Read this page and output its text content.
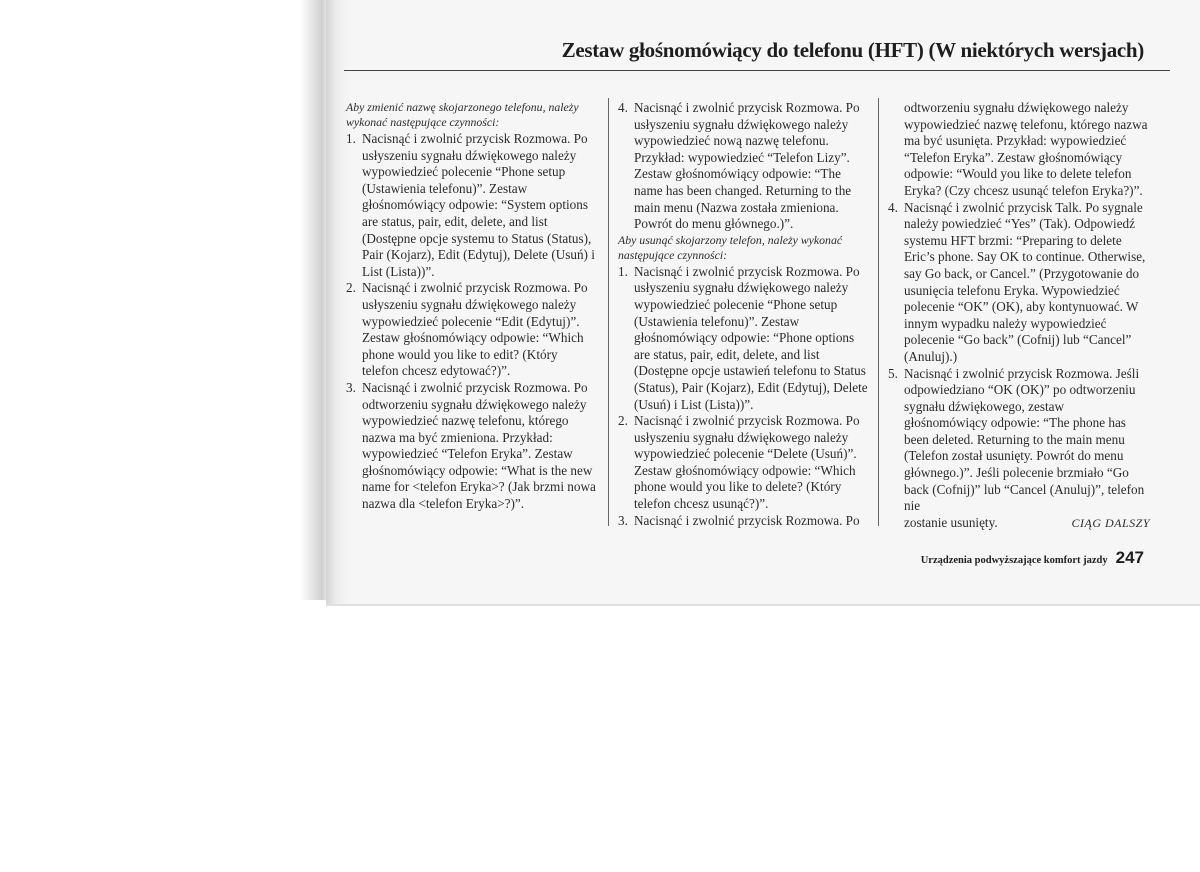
Zestaw głośnomówiący do telefonu (HFT) (W niektórych wersjach)

Aby zmienić nazwę skojarzonego telefonu, należy wykonać następujące czynności:

1. Nacisnąć i zwolnić przycisk Rozmowa. Po usłyszeniu sygnału dźwiękowego należy wypowiedzieć polecenie “Phone setup (Ustawienia telefonu)”. Zestaw głośnomówiący odpowie: “System options are status, pair, edit, delete, and list (Dostępne opcje systemu to Status (Status), Pair (Kojarz), Edit (Edytuj), Delete (Usuń) i List (Lista))”.
2. Nacisnąć i zwolnić przycisk Rozmowa. Po usłyszeniu sygnału dźwiękowego należy wypowiedzieć polecenie “Edit (Edytuj)”. Zestaw głośnomówiący odpowie: “Which phone would you like to edit? (Który telefon chcesz edytować?)”.
3. Nacisnąć i zwolnić przycisk Rozmowa. Po odtworzeniu sygnału dźwiękowego należy wypowiedzieć nazwę telefonu, którego nazwa ma być zmieniona. Przykład: wypowiedzieć “Telefon Eryka”. Zestaw głośnomówiący odpowie: “What is the new name for <telefon Eryka>? (Jak brzmi nowa nazwa dla <telefon Eryka>?)”.
4. Nacisnąć i zwolnić przycisk Rozmowa. Po usłyszeniu sygnału dźwiękowego należy wypowiedzieć nową nazwę telefonu. Przykład: wypowiedzieć “Telefon Lizy”. Zestaw głośnomówiący odpowie: “The name has been changed. Returning to the main menu (Nazwa została zmieniona. Powrót do menu głównego.)”.

Aby usunąć skojarzony telefon, należy wykonać następujące czynności:

1. Nacisnąć i zwolnić przycisk Rozmowa. Po usłyszeniu sygnału dźwiękowego należy wypowiedzieć polecenie “Phone setup (Ustawienia telefonu)”. Zestaw głośnomówiący odpowie: “Phone options are status, pair, edit, delete, and list (Dostępne opcje ustawień telefonu to Status (Status), Pair (Kojarz), Edit (Edytuj), Delete (Usuń) i List (Lista))”.
2. Nacisnąć i zwolnić przycisk Rozmowa. Po usłyszeniu sygnału dźwiękowego należy wypowiedzieć polecenie “Delete (Usuń)”. Zestaw głośnomówiący odpowie: “Which phone would you like to delete? (Który telefon chcesz usunąć?)”.
3. Nacisnąć i zwolnić przycisk Rozmowa. Po

odtworzeniu sygnału dźwiękowego należy wypowiedzieć nazwę telefonu, którego nazwa ma być usunięta. Przykład: wypowiedzieć “Telefon Eryka”. Zestaw głośnomówiący odpowie: “Would you like to delete telefon Eryka? (Czy chcesz usunąć telefon Eryka?)”.

4. Nacisnąć i zwolnić przycisk Talk. Po sygnale należy powiedzieć “Yes” (Tak). Odpowiedź systemu HFT brzmi: “Preparing to delete Eric’s phone. Say OK to continue. Otherwise, say Go back, or Cancel.” (Przygotowanie do usunięcia telefonu Eryka. Wypowiedzieć polecenie “OK” (OK), aby kontynuować. W innym wypadku należy wypowiedzieć polecenie “Go back” (Cofnij) lub “Cancel” (Anuluj).)
5. Nacisnąć i zwolnić przycisk Rozmowa. Jeśli odpowiedziano “OK (OK)” po odtworzeniu sygnału dźwiękowego, zestaw głośnomówiący odpowie: “The phone has been deleted. Returning to the main menu (Telefon został usunięty. Powrót do menu głównego.)”. Jeśli polecenie brzmiało “Go back (Cofnij)” lub “Cancel (Anuluj)”, telefon nie
zostanie usunięty.	CIĄG DALSZY
Urządzenia podwyższające komfort jazdy 247
